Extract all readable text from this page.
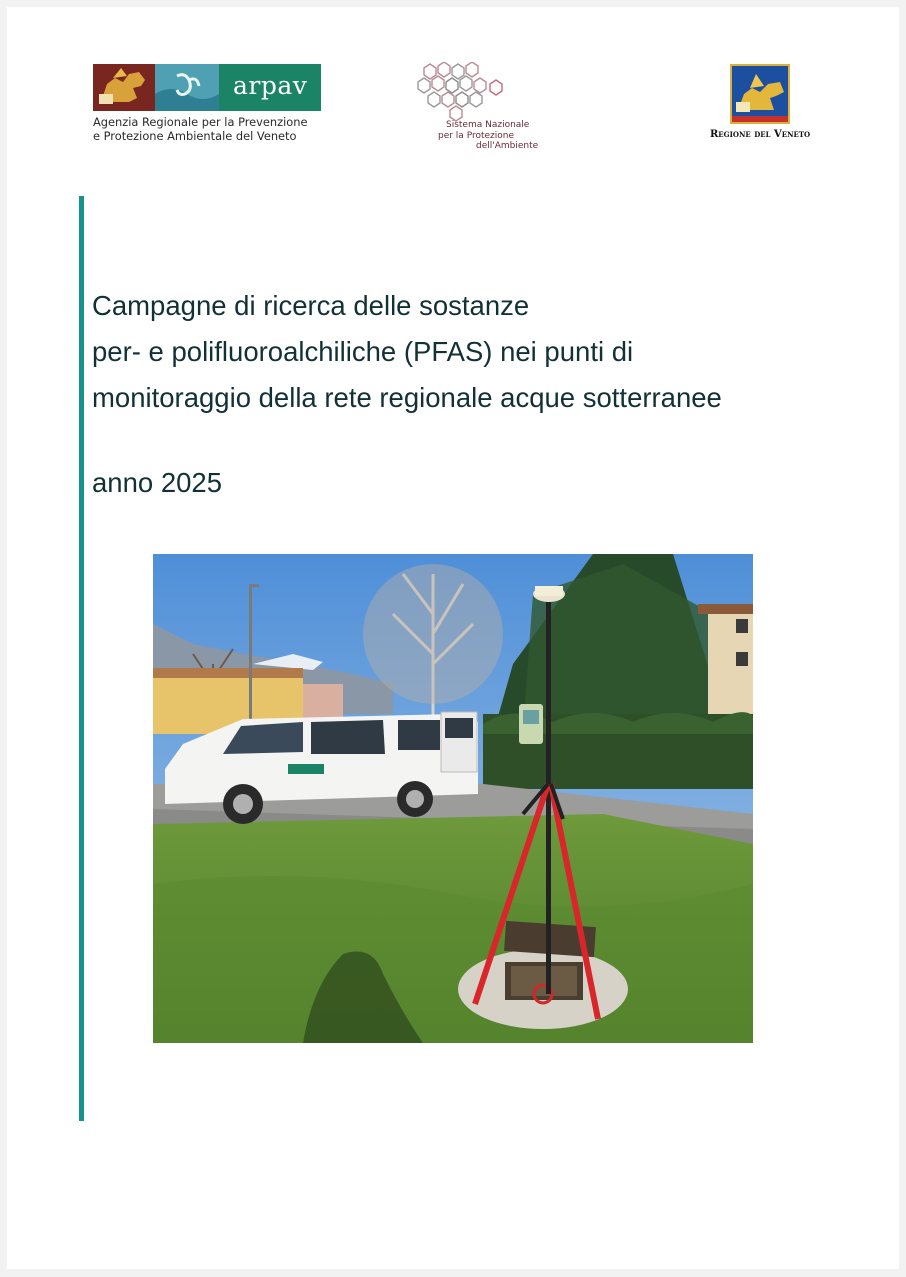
arpav
Agenzia Regionale per la Prevenzione
e Protezione Ambientale del Veneto
Sistema Nazionale
per la Protezione
dell'Ambiente
Regione del Veneto
Campagne di ricerca delle sostanze
per- e polifluoroalchiliche (PFAS) nei punti di
monitoraggio della rete regionale acque sotterranee
anno 2025
